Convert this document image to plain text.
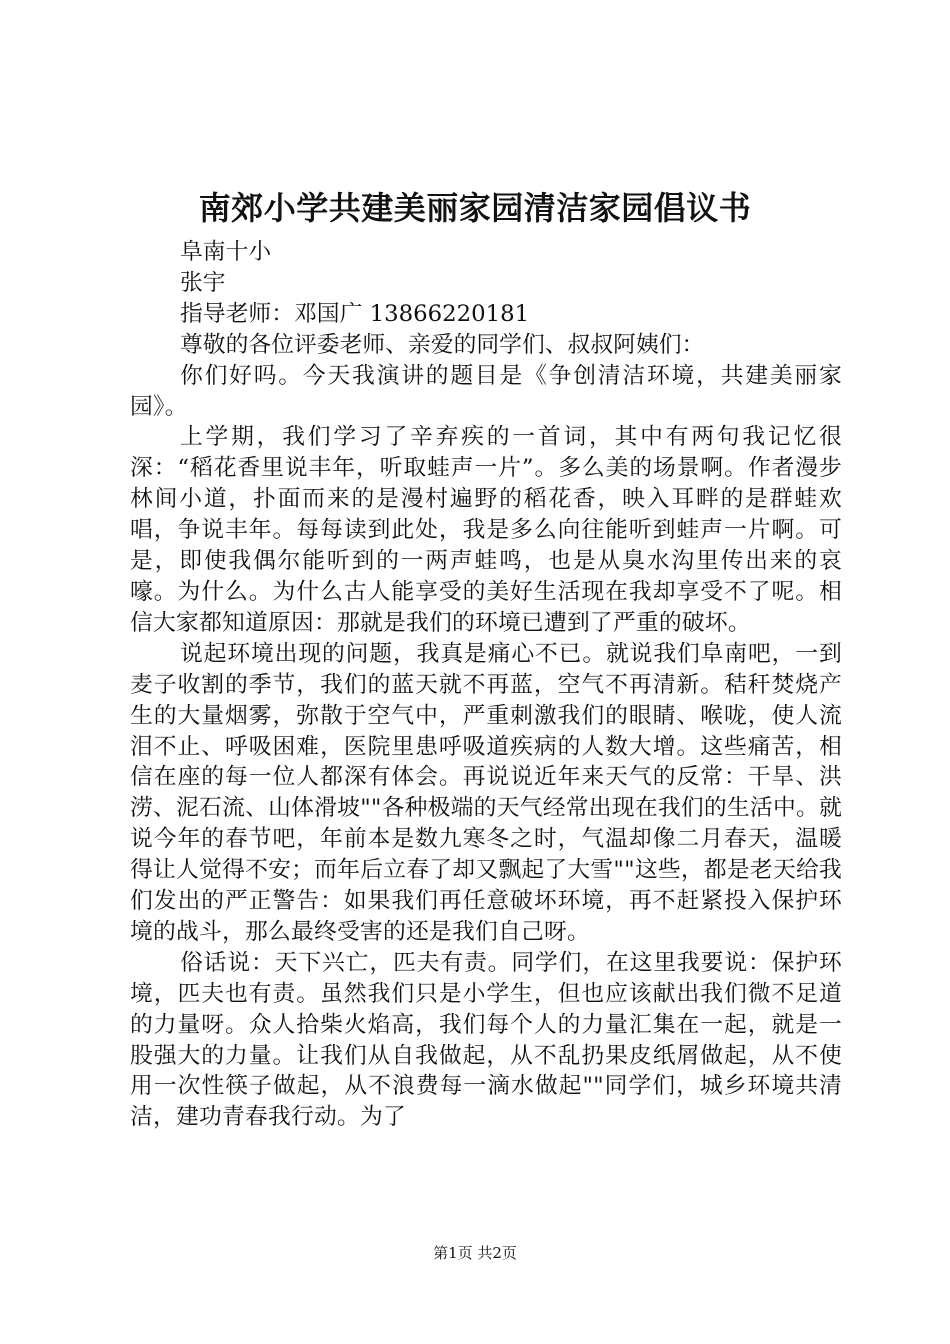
南郊小学共建美丽家园清洁家园倡议书

阜南十小

张宇

指导老师：邓国广 13866220181

尊敬的各位评委老师、亲爱的同学们、叔叔阿姨们：

你们好吗。今天我演讲的题目是《争创清洁环境，共建美丽家园》。

上学期，我们学习了辛弃疾的一首词，其中有两句我记忆很深：“稻花香里说丰年，听取蛙声一片”。多么美的场景啊。作者漫步林间小道，扑面而来的是漫村遍野的稻花香，映入耳畔的是群蛙欢唱，争说丰年。每每读到此处，我是多么向往能听到蛙声一片啊。可是，即使我偶尔能听到的一两声蛙鸣，也是从臭水沟里传出来的哀嚎。为什么。为什么古人能享受的美好生活现在我却享受不了呢。相信大家都知道原因：那就是我们的环境已遭到了严重的破坏。

说起环境出现的问题，我真是痛心不已。就说我们阜南吧，一到麦子收割的季节，我们的蓝天就不再蓝，空气不再清新。秸秆焚烧产生的大量烟雾，弥散于空气中，严重刺激我们的眼睛、喉咙，使人流泪不止、呼吸困难，医院里患呼吸道疾病的人数大增。这些痛苦，相信在座的每一位人都深有体会。再说说近年来天气的反常：干旱、洪涝、泥石流、山体滑坡""各种极端的天气经常出现在我们的生活中。就说今年的春节吧，年前本是数九寒冬之时，气温却像二月春天，温暖得让人觉得不安；而年后立春了却又飘起了大雪""这些，都是老天给我们发出的严正警告：如果我们再任意破坏环境，再不赶紧投入保护环境的战斗，那么最终受害的还是我们自己呀。

俗话说：天下兴亡，匹夫有责。同学们，在这里我要说：保护环境，匹夫也有责。虽然我们只是小学生，但也应该献出我们微不足道的力量呀。众人拾柴火焰高，我们每个人的力量汇集在一起，就是一股强大的力量。让我们从自我做起，从不乱扔果皮纸屑做起，从不使用一次性筷子做起，从不浪费每一滴水做起""同学们，城乡环境共清洁，建功青春我行动。为了

第1页 共2页
